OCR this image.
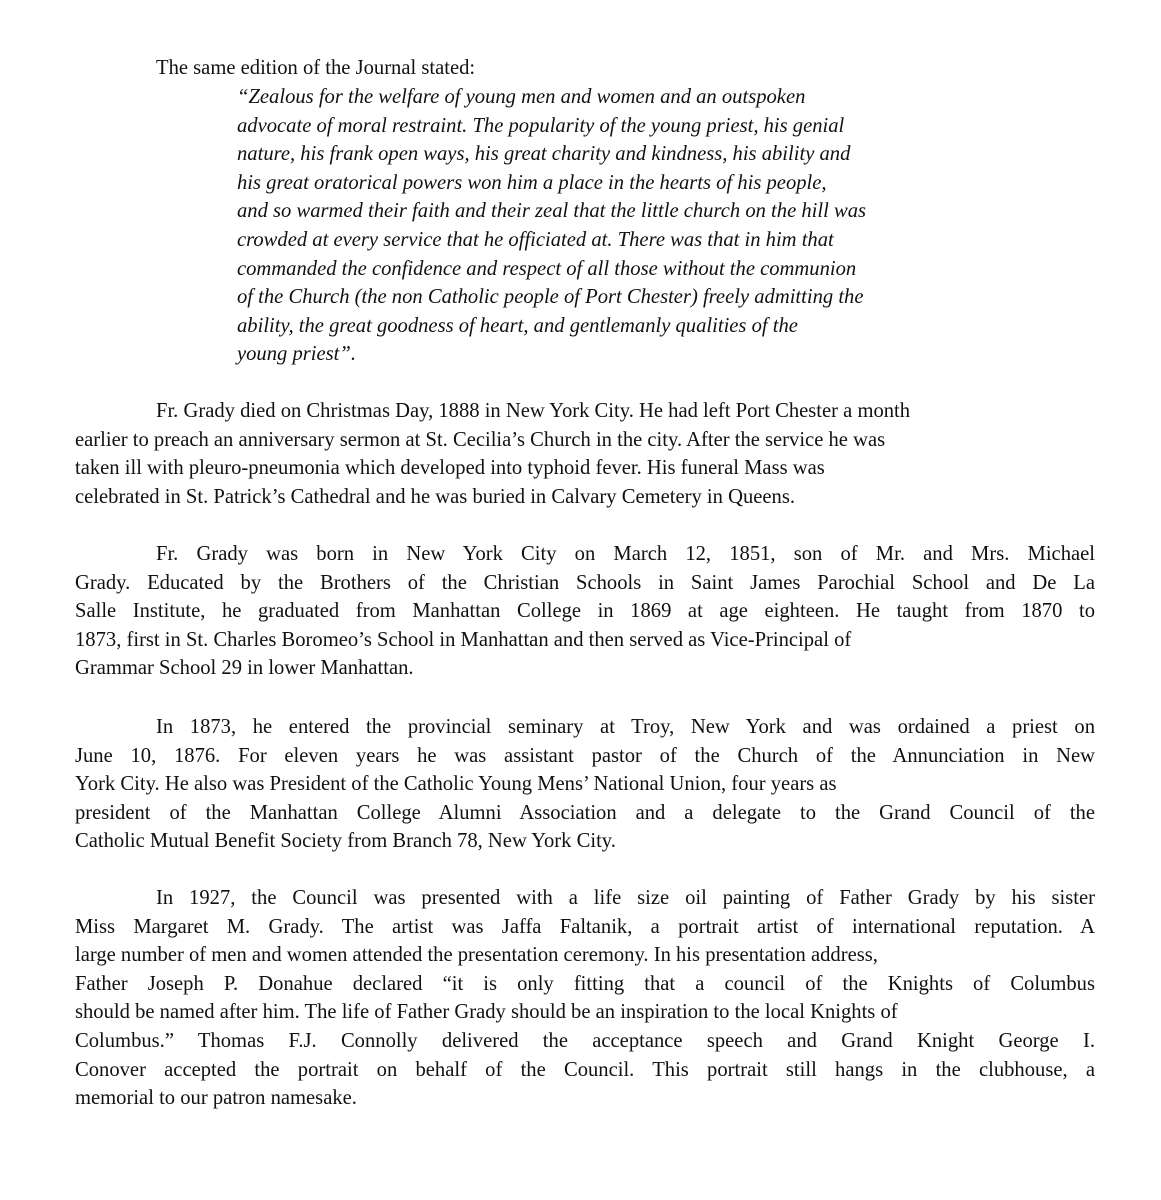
The same edition of the Journal stated:

“Zealous for the welfare of young men and women and an outspoken
advocate of moral restraint. The popularity of the young priest, his genial
nature, his frank open ways, his great charity and kindness, his ability and
his great oratorical powers won him a place in the hearts of his people,
and so warmed their faith and their zeal that the little church on the hill was
crowded at every service that he officiated at. There was that in him that
commanded the confidence and respect of all those without the communion
of the Church (the non Catholic people of Port Chester) freely admitting the
ability, the great goodness of heart, and gentlemanly qualities of the
young priest”.

Fr. Grady died on Christmas Day, 1888 in New York City. He had left Port Chester a month
earlier to preach an anniversary sermon at St. Cecilia’s Church in the city. After the service he was
taken ill with pleuro-pneumonia which developed into typhoid fever. His funeral Mass was
celebrated in St. Patrick’s Cathedral and he was buried in Calvary Cemetery in Queens.

Fr. Grady was born in New York City on March 12, 1851, son of Mr. and Mrs. Michael
Grady. Educated by the Brothers of the Christian Schools in Saint James Parochial School and De La
Salle Institute, he graduated from Manhattan College in 1869 at age eighteen. He taught from 1870 to
1873, first in St. Charles Boromeo’s School in Manhattan and then served as Vice-Principal of
Grammar School 29 in lower Manhattan.

In 1873, he entered the provincial seminary at Troy, New York and was ordained a priest on
June 10, 1876. For eleven years he was assistant pastor of the Church of the Annunciation in New
York City. He also was President of the Catholic Young Mens’ National Union, four years as
president of the Manhattan College Alumni Association and a delegate to the Grand Council of the
Catholic Mutual Benefit Society from Branch 78, New York City.

In 1927, the Council was presented with a life size oil painting of Father Grady by his sister
Miss Margaret M. Grady. The artist was Jaffa Faltanik, a portrait artist of international reputation. A
large number of men and women attended the presentation ceremony. In his presentation address,
Father Joseph P. Donahue declared “it is only fitting that a council of the Knights of Columbus
should be named after him. The life of Father Grady should be an inspiration to the local Knights of
Columbus.” Thomas F.J. Connolly delivered the acceptance speech and Grand Knight George I.
Conover accepted the portrait on behalf of the Council. This portrait still hangs in the clubhouse, a
memorial to our patron namesake.
